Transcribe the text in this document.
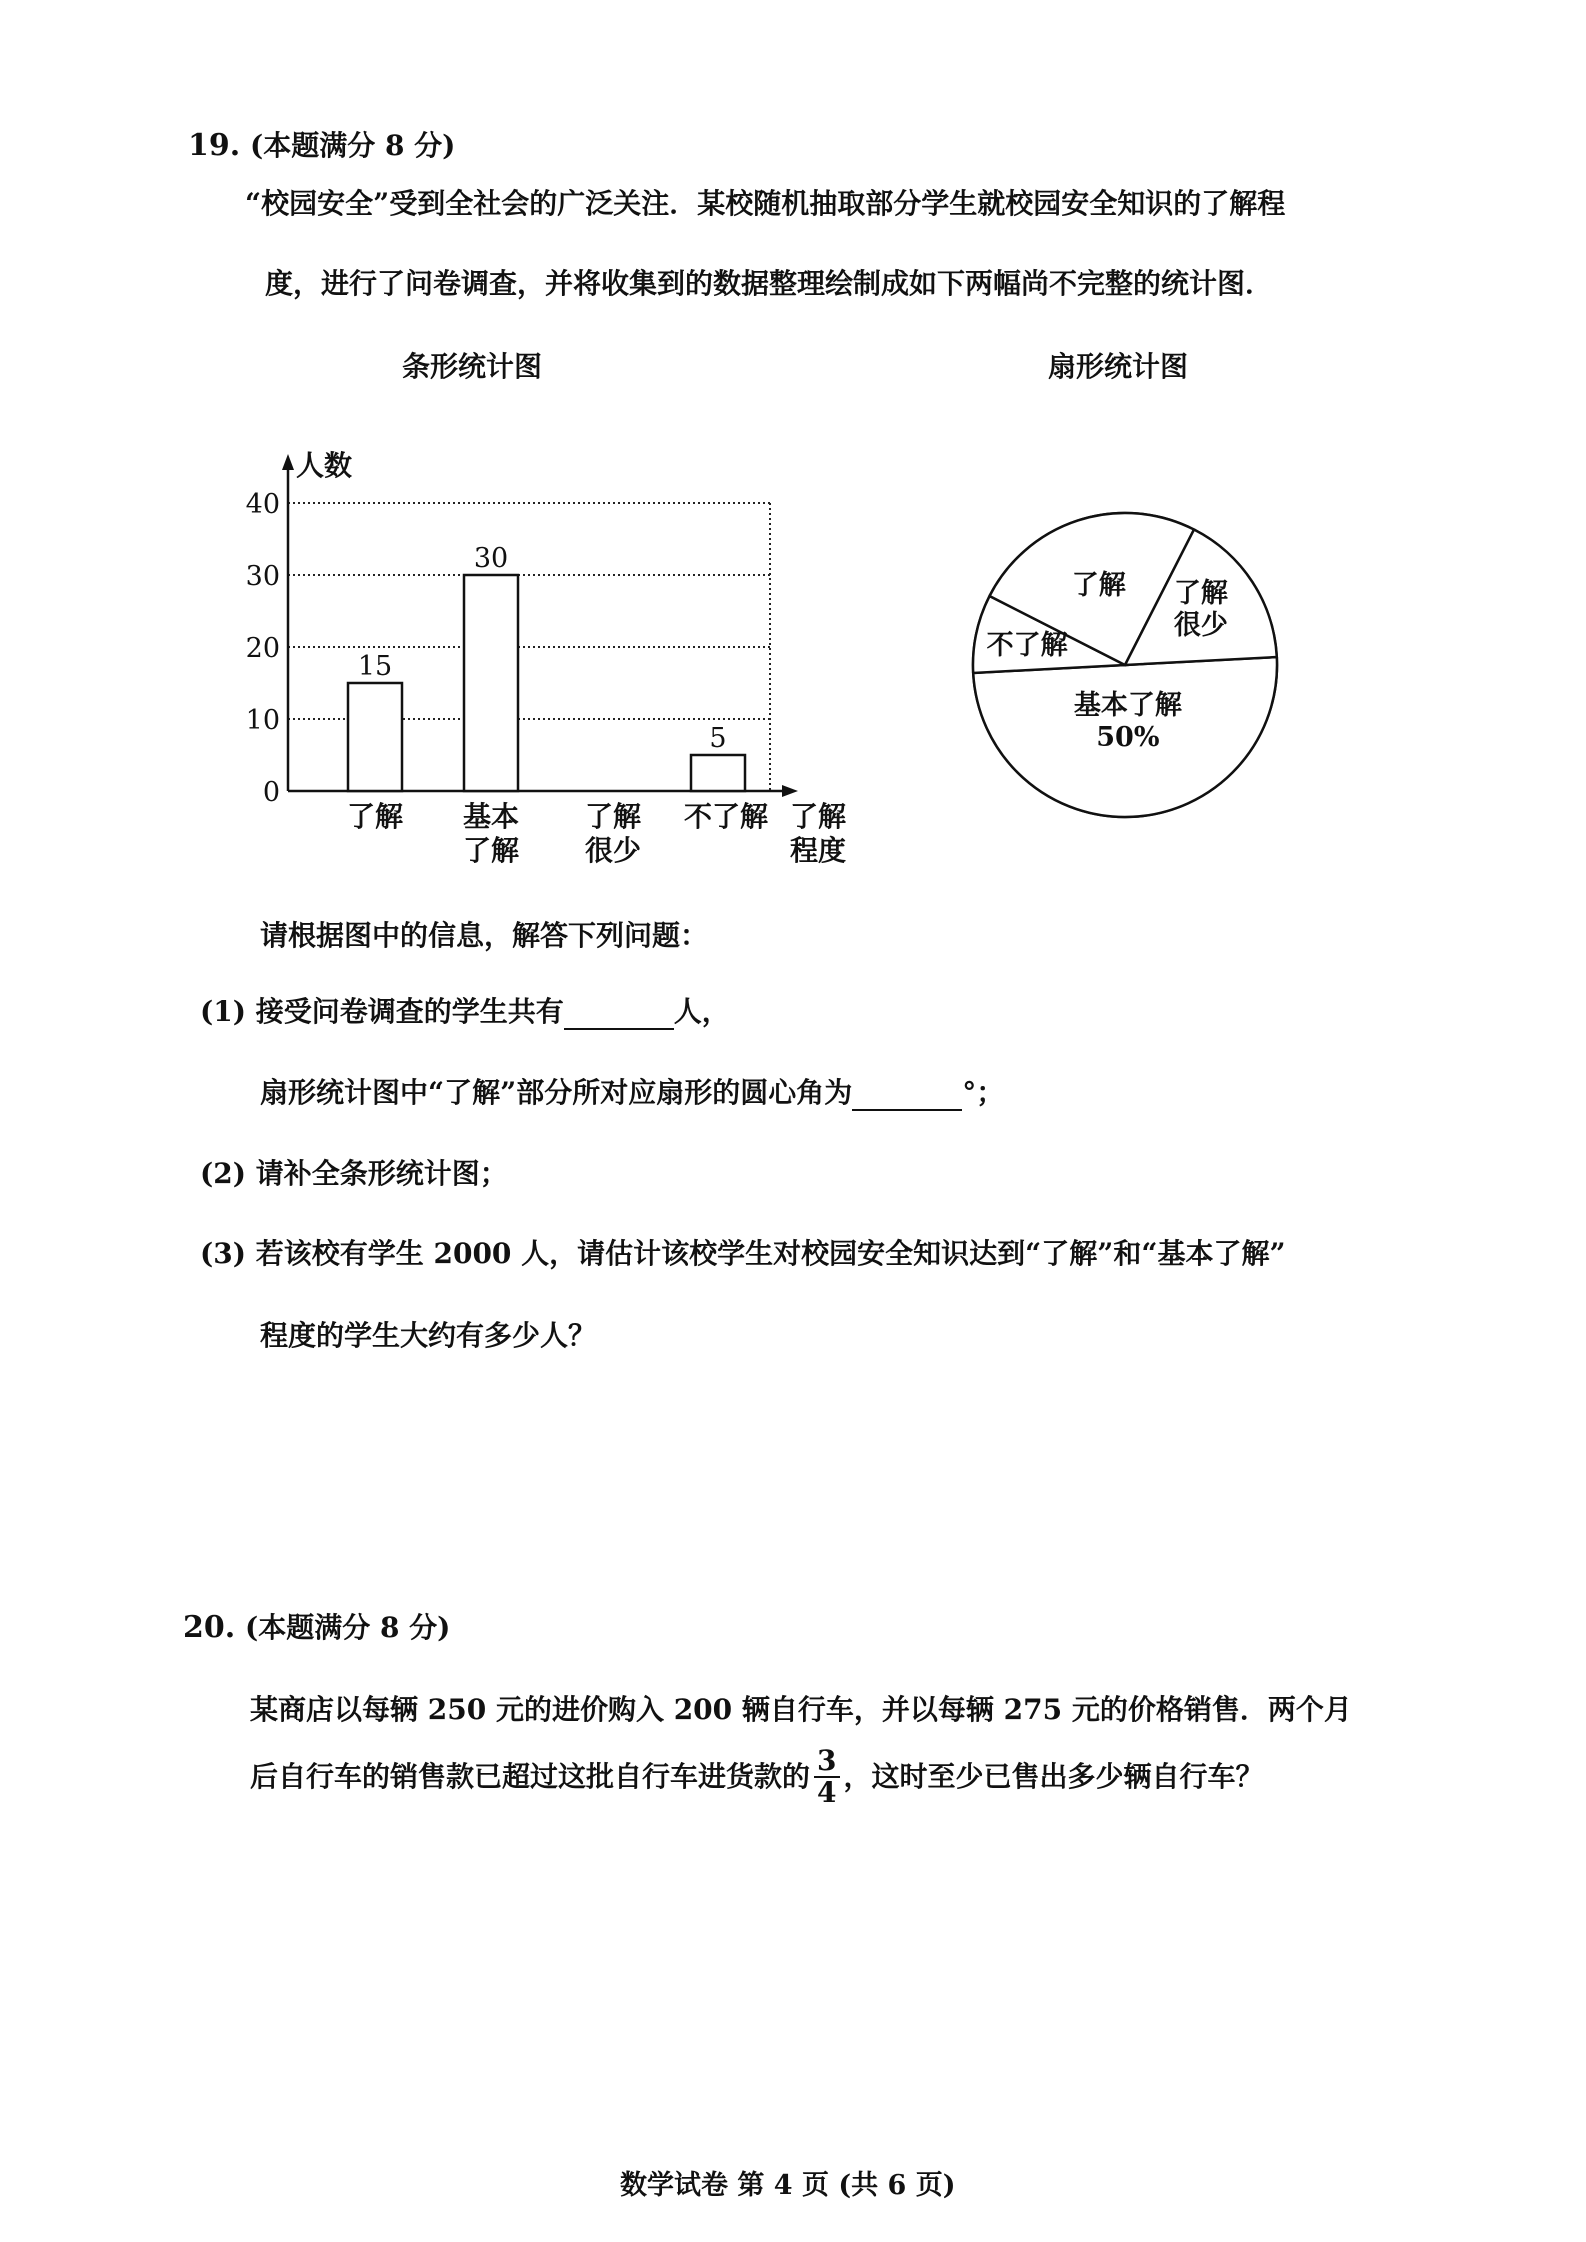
19. (本题满分 8 分)
“校园安全”受到全社会的广泛关注．某校随机抽取部分学生就校园安全知识的了解程
度，进行了问卷调查，并将收集到的数据整理绘制成如下两幅尚不完整的统计图．
条形统计图	扇形统计图
0
10
20
30
40
人数
15
了解
30
基本
了解
了解
很少
5
不了解 了解
程度
基本了解
50%
了解 了解
很少
不了解
请根据图中的信息，解答下列问题：
(1) 接受问卷调查的学生共有	人，
扇形统计图中“了解”部分所对应扇形的圆心角为	°；
(2) 请补全条形统计图；
(3) 若该校有学生 2000 人，请估计该校学生对校园安全知识达到“了解”和“基本了解”
程度的学生大约有多少人？
20. (本题满分 8 分)
某商店以每辆 250 元的进价购入 200 辆自行车，并以每辆 275 元的价格销售．两个月
后自行车的销售款已超过这批自行车进货款的 $\frac{3}{4}$ ，这时至少已售出多少辆自行车？
数学试卷 第 4 页 (共 6 页)
